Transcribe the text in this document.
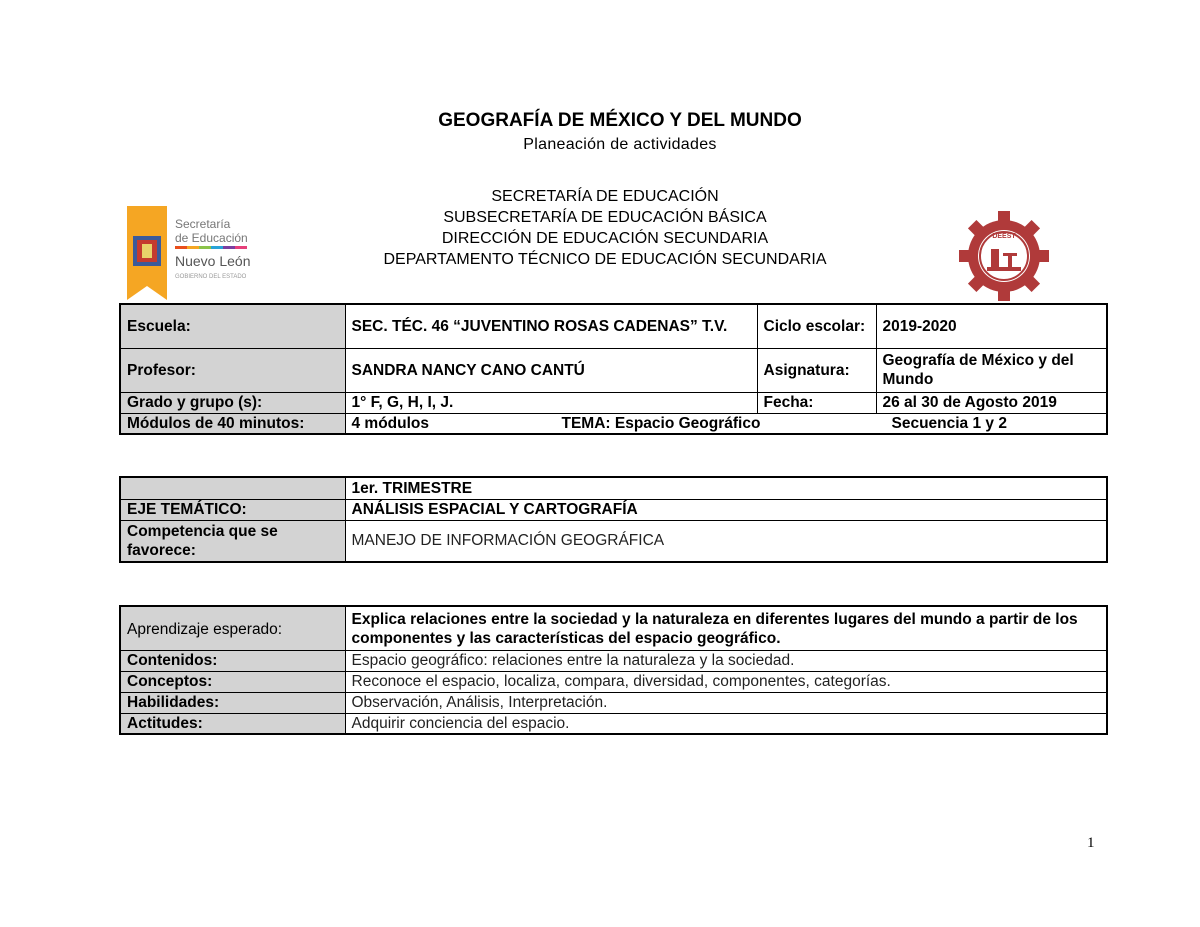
GEOGRAFÍA DE MÉXICO Y DEL MUNDO
Planeación de actividades
SECRETARÍA DE EDUCACIÓN
SUBSECRETARÍA DE EDUCACIÓN BÁSICA
DIRECCIÓN DE EDUCACIÓN SECUNDARIA
DEPARTAMENTO TÉCNICO DE EDUCACIÓN SECUNDARIA
Secretaría
de Educación
Nuevo León
GOBIERNO DEL ESTADO
DEEST
Escuela:	SEC. TÉC. 46 “JUVENTINO ROSAS CADENAS” T.V.	Ciclo escolar:	2019-2020
Profesor:	SANDRA NANCY CANO CANTÚ	Asignatura:	Geografía de México y del Mundo
Grado y grupo (s):	1° F, G, H, I, J.	Fecha:	26 al 30 de Agosto 2019
Módulos de 40 minutos:	4 módulos TEMA: Espacio Geográfico Secuencia 1 y 2		
	1er. TRIMESTRE
EJE TEMÁTICO:	ANÁLISIS ESPACIAL Y CARTOGRAFÍA
Competencia que se favorece:	MANEJO DE INFORMACIÓN GEOGRÁFICA
Aprendizaje esperado:	Explica relaciones entre la sociedad y la naturaleza en diferentes lugares del mundo a partir de los componentes y las características del espacio geográfico.
Contenidos:	Espacio geográfico: relaciones entre la naturaleza y la sociedad.
Conceptos:	Reconoce el espacio, localiza, compara, diversidad, componentes, categorías.
Habilidades:	Observación, Análisis, Interpretación.
Actitudes:	Adquirir conciencia del espacio.
1
